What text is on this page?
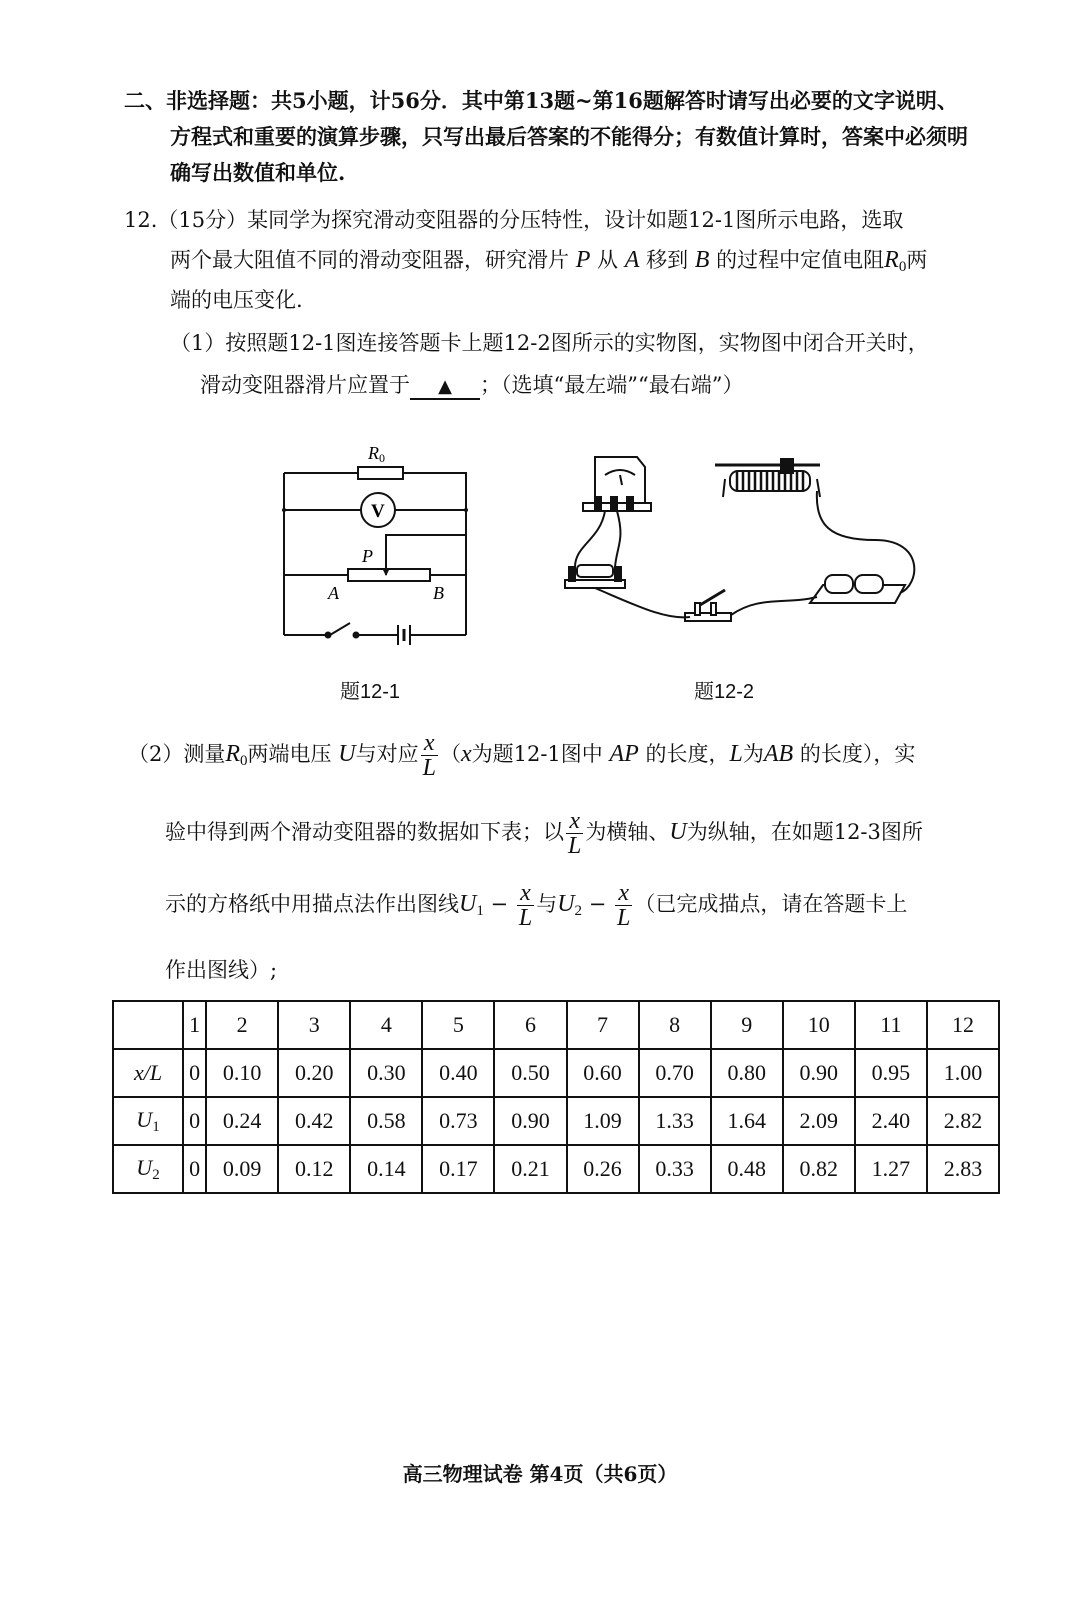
二、非选择题：共5小题，计56分．其中第13题~第16题解答时请写出必要的文字说明、
方程式和重要的演算步骤，只写出最后答案的不能得分；有数值计算时，答案中必须明
确写出数值和单位.
12.（15分）某同学为探究滑动变阻器的分压特性，设计如题12-1图所示电路，选取
两个最大阻值不同的滑动变阻器，研究滑片 P 从 A 移到 B 的过程中定值电阻$R_0$两
端的电压变化.
（1）按照题12-1图连接答题卡上题12-2图所示的实物图，实物图中闭合开关时，
滑动变阻器滑片应置于 ▲ ；（选填“最左端”“最右端”）
R0
V
P
A	B
题12-1	题12-2
（2）测量$R_0$两端电压 U与对应 $\frac{x}{L} (x$为题12-1图中 AP 的长度，L为AB 的长度），实
验中得到两个滑动变阻器的数据如下表；以 $\frac{x}{L}$ 为横轴、U为纵轴，在如题12-3图所
示的方格纸中用描点法作出图线$U_1 - \frac{x}{L}$ 与$U_2 - \frac{x}{L}$ （已完成描点，请在答题卡上
作出图线）;
	1	2	3	4	5	6	7	8	9	10	11	12
x/L	0	0.10	0.20	0.30	0.40	0.50	0.60	0.70	0.80	0.90	0.95	1.00
$U_1$	0	0.24	0.42	0.58	0.73	0.90	1.09	1.33	1.64	2.09	2.40	2.82
$U_2$	0	0.09	0.12	0.14	0.17	0.21	0.26	0.33	0.48	0.82	1.27	2.83
高三物理试卷 第4页（共6页）
